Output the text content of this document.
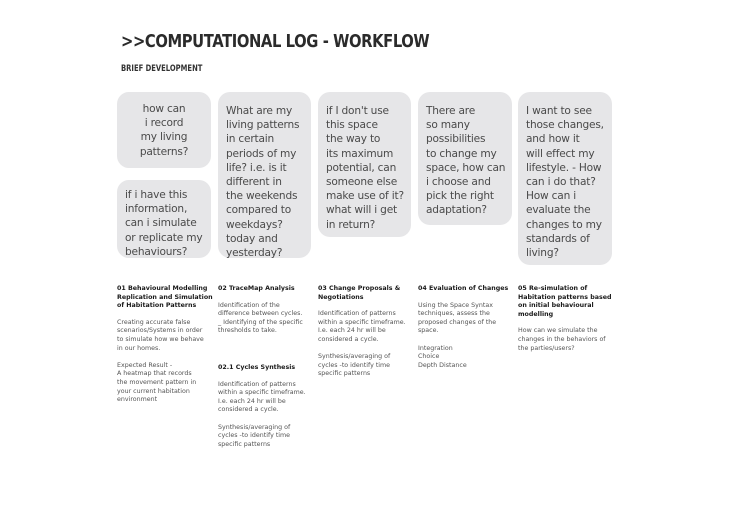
>>COMPUTATIONAL LOG - WORKFLOW
BRIEF DEVELOPMENT
how can
i record
my living
patterns?
if i have this
information,
can i simulate
or replicate my
behaviours?
What are my
living patterns
in certain
periods of my
life? i.e. is it
different in
the weekends
compared to
weekdays?
today and
yesterday?
if I don't use
this space
the way to
its maximum
potential, can
someone else
make use of it?
what will i get
in return?
There are
so many
possibilities
to change my
space, how can
i choose and
pick the right
adaptation?
I want to see
those changes,
and how it
will effect my
lifestyle. - How
can i do that?
How can i
evaluate the
changes to my
standards of
living?
01 Behavioural Modelling
Replication and Simulation
of Habitation Patterns
Creating accurate false
scenarios/Systems in order
to simulate how we behave
in our homes.

Expected Result -
A heatmap that records
the movement pattern in
your current habitation
environment
02 TraceMap Analysis
Identification of the
difference between cycles.
_ Identifying of the specific
thresholds to take.
02.1 Cycles Synthesis
Identification of patterns
within a specific timeframe.
I.e. each 24 hr will be
considered a cycle.

Synthesis/averaging of
cycles -to identify time
specific patterns
03 Change Proposals &
Negotiations
Identification of patterns
within a specific timeframe.
I.e. each 24 hr will be
considered a cycle.

Synthesis/averaging of
cycles -to identify time
specific patterns
04 Evaluation of Changes
Using the Space Syntax
techniques, assess the
proposed changes of the
space.

Integration
Choice
Depth Distance
05 Re-simulation of
Habitation patterns based
on initial behavioural
modelling
How can we simulate the
changes in the behaviors of
the parties/users?
